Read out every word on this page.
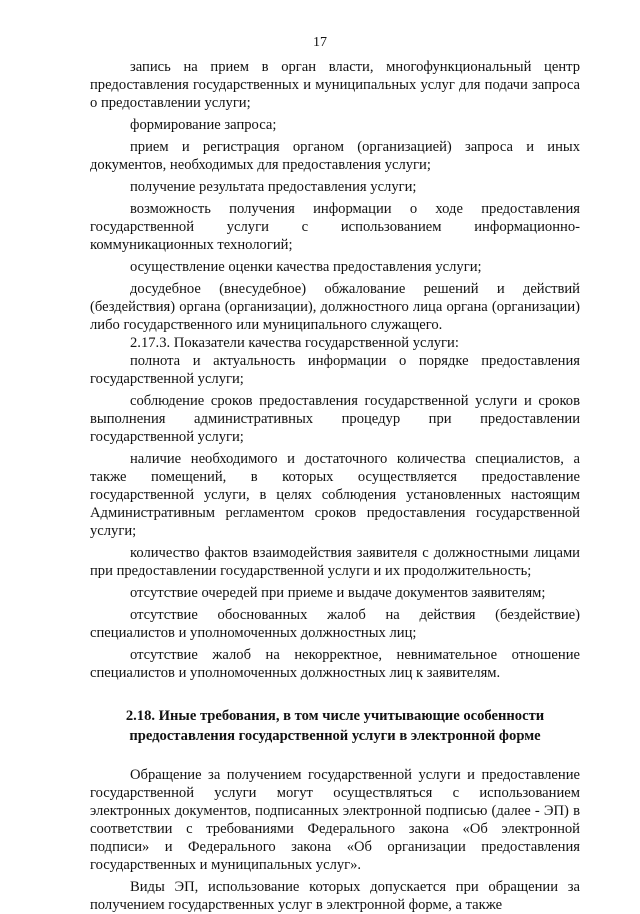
17

запись на прием в орган власти, многофункциональный центр предоставления государственных и муниципальных услуг для подачи запроса о предоставлении услуги;

формирование запроса;

прием и регистрация органом (организацией) запроса и иных документов, необходимых для предоставления услуги;

получение результата предоставления услуги;

возможность получения информации о ходе предоставления государственной услуги с использованием информационно-коммуникационных технологий;

осуществление оценки качества предоставления услуги;

досудебное (внесудебное) обжалование решений и действий (бездействия) органа (организации), должностного лица органа (организации) либо государственного или муниципального служащего.

2.17.3. Показатели качества государственной услуги:

полнота и актуальность информации о порядке предоставления государственной услуги;

соблюдение сроков предоставления государственной услуги и сроков выполнения административных процедур при предоставлении государственной услуги;

наличие необходимого и достаточного количества специалистов, а также помещений, в которых осуществляется предоставление государственной услуги, в целях соблюдения установленных настоящим Административным регламентом сроков предоставления государственной услуги;

количество фактов взаимодействия заявителя с должностными лицами при предоставлении государственной услуги и их продолжительность;

отсутствие очередей при приеме и выдаче документов заявителям;

отсутствие обоснованных жалоб на действия (бездействие) специалистов и уполномоченных должностных лиц;

отсутствие жалоб на некорректное, невнимательное отношение специалистов и уполномоченных должностных лиц к заявителям.

2.18. Иные требования, в том числе учитывающие особенности
предоставления государственной услуги в электронной форме

Обращение за получением государственной услуги и предоставление государственной услуги могут осуществляться с использованием электронных документов, подписанных электронной подписью (далее - ЭП) в соответствии с требованиями Федерального закона «Об электронной подписи» и Федерального закона «Об организации предоставления государственных и муниципальных услуг».

Виды ЭП, использование которых допускается при обращении за получением государственных услуг в электронной форме, а также
